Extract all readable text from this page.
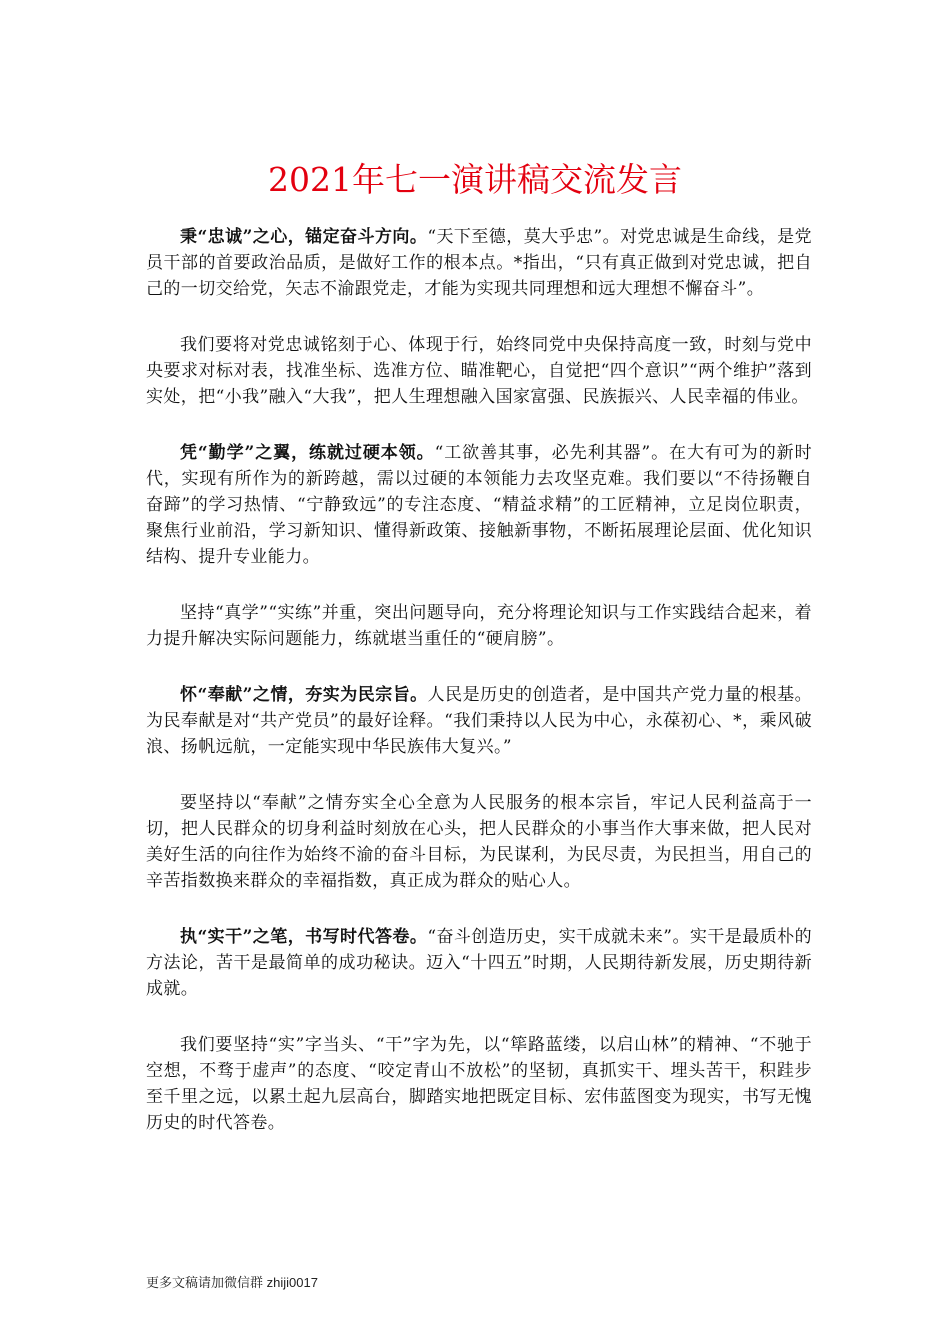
2021年七一演讲稿交流发言

秉“忠诚”之心，锚定奋斗方向。“天下至德，莫大乎忠”。对党忠诚是生命线，是党员干部的首要政治品质，是做好工作的根本点。*指出，“只有真正做到对党忠诚，把自己的一切交给党，矢志不渝跟党走，才能为实现共同理想和远大理想不懈奋斗”。

我们要将对党忠诚铭刻于心、体现于行，始终同党中央保持高度一致，时刻与党中央要求对标对表，找准坐标、选准方位、瞄准靶心，自觉把“四个意识”“两个维护”落到实处，把“小我”融入“大我”，把人生理想融入国家富强、民族振兴、人民幸福的伟业。

凭“勤学”之翼，练就过硬本领。“工欲善其事，必先利其器”。在大有可为的新时代，实现有所作为的新跨越，需以过硬的本领能力去攻坚克难。我们要以“不待扬鞭自奋蹄”的学习热情、“宁静致远”的专注态度、“精益求精”的工匠精神，立足岗位职责，聚焦行业前沿，学习新知识、懂得新政策、接触新事物，不断拓展理论层面、优化知识结构、提升专业能力。

坚持“真学”“实练”并重，突出问题导向，充分将理论知识与工作实践结合起来，着力提升解决实际问题能力，练就堪当重任的“硬肩膀”。

怀“奉献”之情，夯实为民宗旨。人民是历史的创造者，是中国共产党力量的根基。为民奉献是对“共产党员”的最好诠释。“我们秉持以人民为中心，永葆初心、*，乘风破浪、扬帆远航，一定能实现中华民族伟大复兴。”

要坚持以“奉献”之情夯实全心全意为人民服务的根本宗旨，牢记人民利益高于一切，把人民群众的切身利益时刻放在心头，把人民群众的小事当作大事来做，把人民对美好生活的向往作为始终不渝的奋斗目标，为民谋利，为民尽责，为民担当，用自己的辛苦指数换来群众的幸福指数，真正成为群众的贴心人。

执“实干”之笔，书写时代答卷。“奋斗创造历史，实干成就未来”。实干是最质朴的方法论，苦干是最简单的成功秘诀。迈入“十四五”时期，人民期待新发展，历史期待新成就。

我们要坚持“实”字当头、“干”字为先，以“筚路蓝缕，以启山林”的精神、“不驰于空想，不骛于虚声”的态度、“咬定青山不放松”的坚韧，真抓实干、埋头苦干，积跬步至千里之远，以累土起九层高台，脚踏实地把既定目标、宏伟蓝图变为现实，书写无愧历史的时代答卷。

更多文稿请加微信群 zhiji0017
